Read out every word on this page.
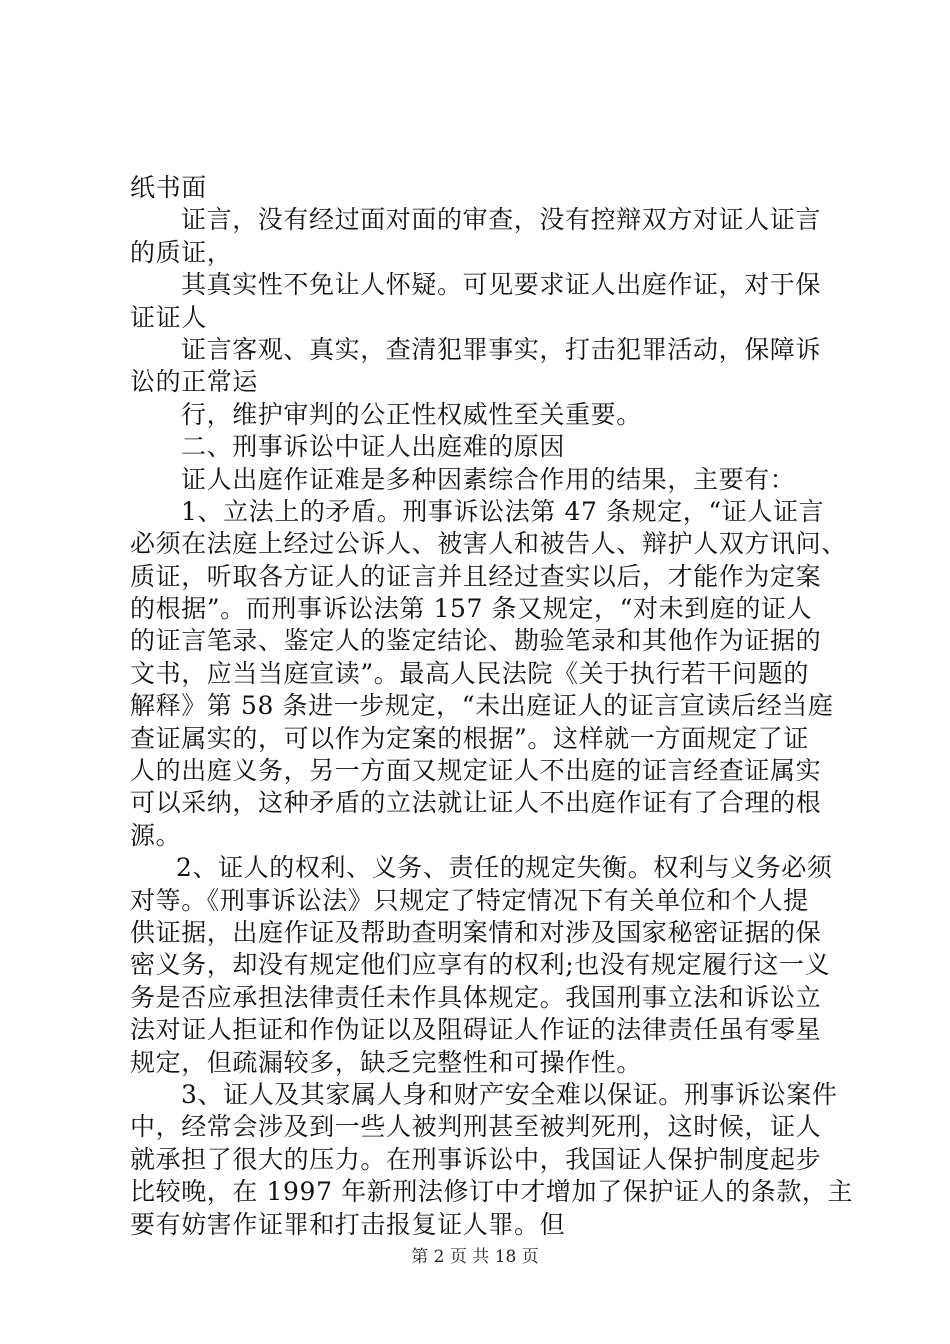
纸书面
证言，没有经过面对面的审查，没有控辩双方对证人证言
的质证，
其真实性不免让人怀疑。可见要求证人出庭作证，对于保
证证人
证言客观、真实，查清犯罪事实，打击犯罪活动，保障诉
讼的正常运
行，维护审判的公正性权威性至关重要。
二、刑事诉讼中证人出庭难的原因
证人出庭作证难是多种因素综合作用的结果，主要有：
1、立法上的矛盾。刑事诉讼法第 47 条规定，“证人证言
必须在法庭上经过公诉人、被害人和被告人、辩护人双方讯问、
质证，听取各方证人的证言并且经过查实以后，才能作为定案
的根据”。而刑事诉讼法第 157 条又规定，“对未到庭的证人
的证言笔录、鉴定人的鉴定结论、勘验笔录和其他作为证据的
文书，应当当庭宣读”。最高人民法院《关于执行若干问题的
解释》第 58 条进一步规定，“未出庭证人的证言宣读后经当庭
查证属实的，可以作为定案的根据”。这样就一方面规定了证
人的出庭义务，另一方面又规定证人不出庭的证言经查证属实
可以采纳，这种矛盾的立法就让证人不出庭作证有了合理的根
源。
2、证人的权利、义务、责任的规定失衡。权利与义务必须
对等。《刑事诉讼法》只规定了特定情况下有关单位和个人提
供证据，出庭作证及帮助查明案情和对涉及国家秘密证据的保
密义务，却没有规定他们应享有的权利;也没有规定履行这一义
务是否应承担法律责任未作具体规定。我国刑事立法和诉讼立
法对证人拒证和作伪证以及阻碍证人作证的法律责任虽有零星
规定，但疏漏较多，缺乏完整性和可操作性。
3、证人及其家属人身和财产安全难以保证。刑事诉讼案件
中，经常会涉及到一些人被判刑甚至被判死刑，这时候，证人
就承担了很大的压力。在刑事诉讼中，我国证人保护制度起步
比较晚，在 1997 年新刑法修订中才增加了保护证人的条款，主
要有妨害作证罪和打击报复证人罪。但
第 2 页 共 18 页
